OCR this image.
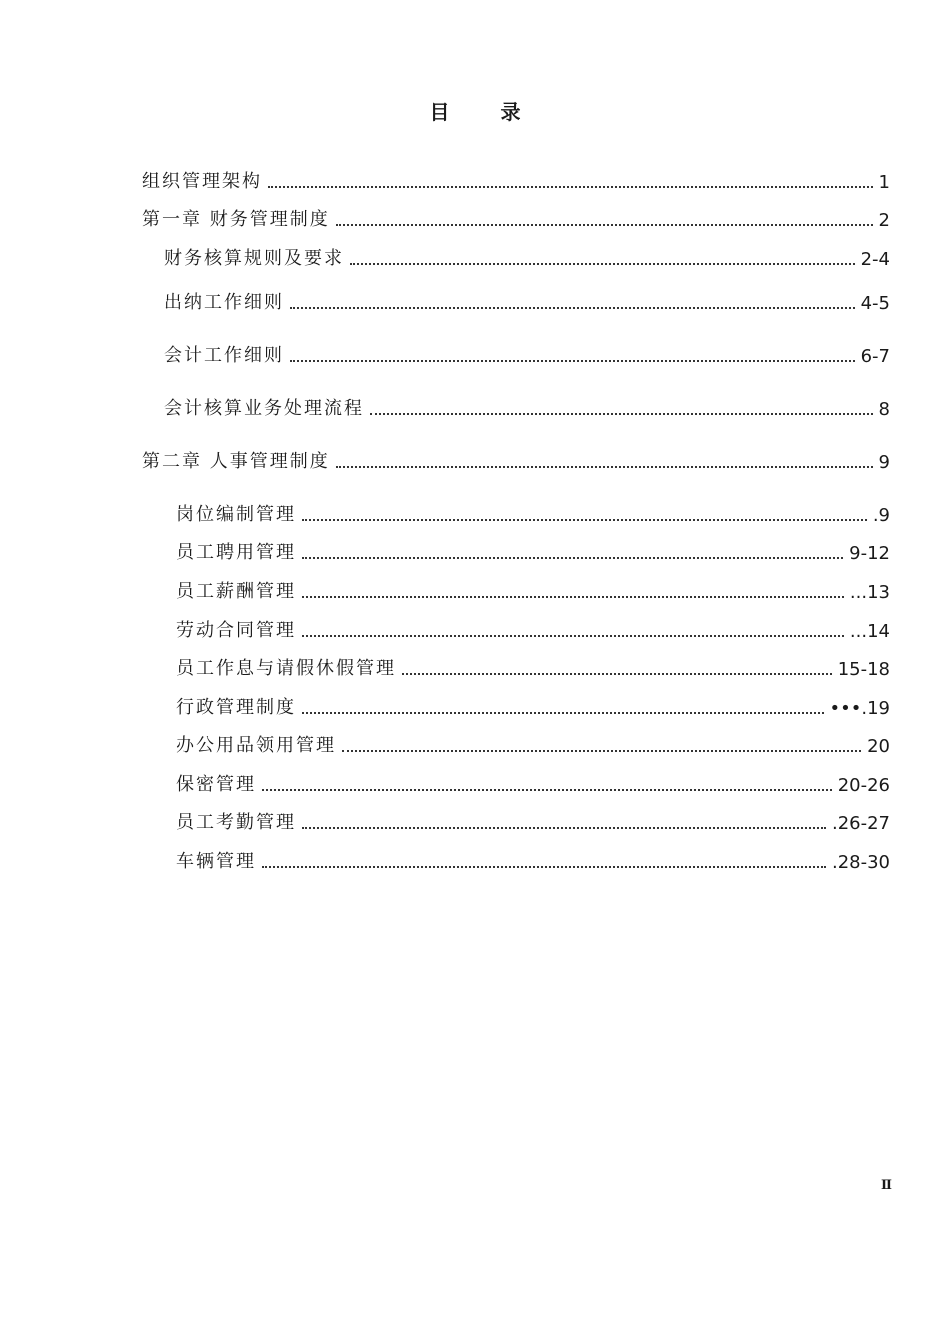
目 录
组织管理架构	1
第一章 财务管理制度	2
财务核算规则及要求	2-4
出纳工作细则	4-5
会计工作细则	6-7
会计核算业务处理流程	8
第二章 人事管理制度	9
岗位编制管理	.9
员工聘用管理	9-12
员工薪酬管理	...13
劳动合同管理	...14
员工作息与请假休假管理	15-18
行政管理制度	•••.19
办公用品领用管理	20
保密管理	20-26
员工考勤管理	.26-27
车辆管理	.28-30
Ⅱ
